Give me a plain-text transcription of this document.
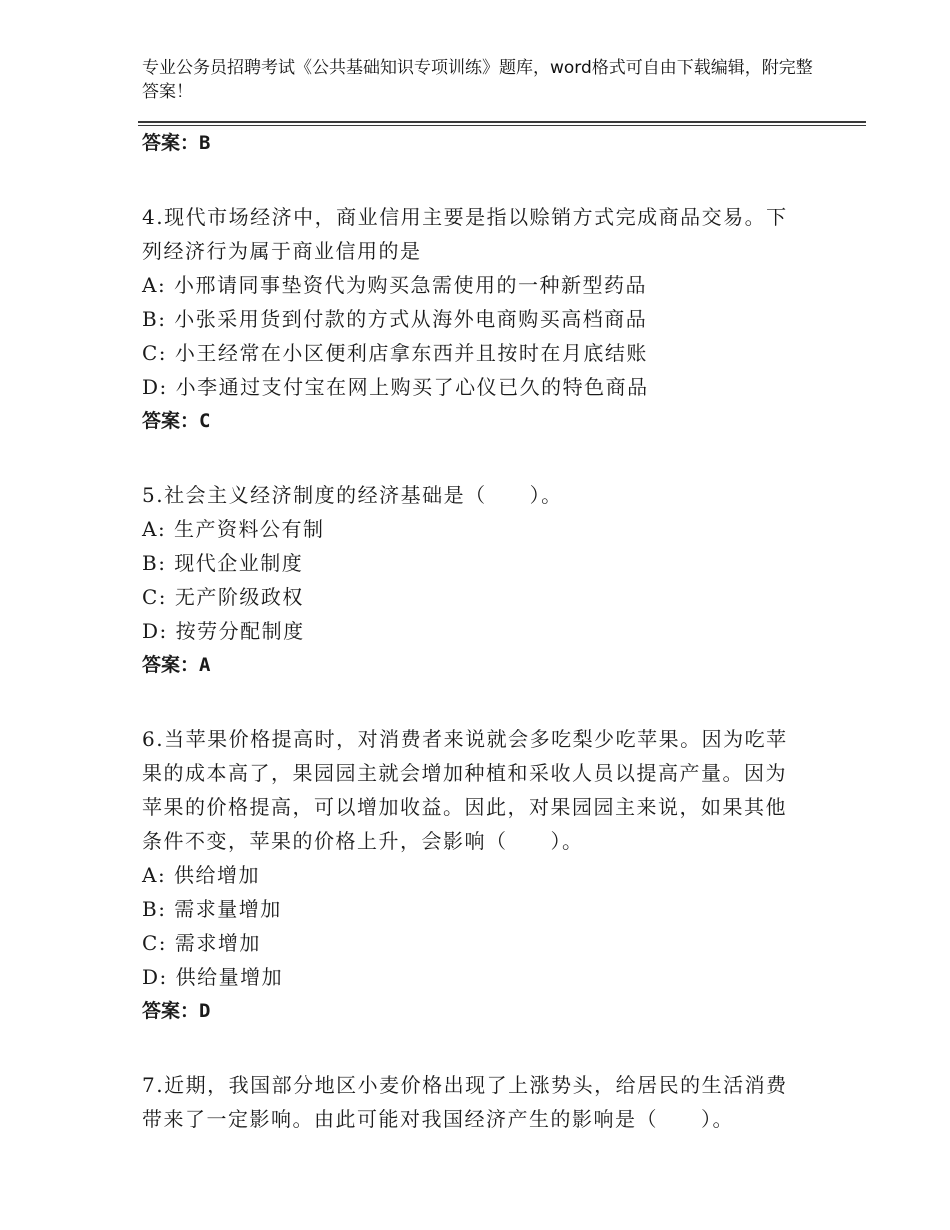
专业公务员招聘考试《公共基础知识专项训练》题库，word格式可自由下载编辑，附完整答案！
答案：B
4.现代市场经济中，商业信用主要是指以赊销方式完成商品交易。下列经济行为属于商业信用的是
A: 小邢请同事垫资代为购买急需使用的一种新型药品
B: 小张采用货到付款的方式从海外电商购买高档商品
C: 小王经常在小区便利店拿东西并且按时在月底结账
D: 小李通过支付宝在网上购买了心仪已久的特色商品
答案：C
5.社会主义经济制度的经济基础是（　　）。
A: 生产资料公有制
B: 现代企业制度
C: 无产阶级政权
D: 按劳分配制度
答案：A
6.当苹果价格提高时，对消费者来说就会多吃梨少吃苹果。因为吃苹果的成本高了，果园园主就会增加种植和采收人员以提高产量。因为苹果的价格提高，可以增加收益。因此，对果园园主来说，如果其他条件不变，苹果的价格上升，会影响（　　）。
A: 供给增加
B: 需求量增加
C: 需求增加
D: 供给量增加
答案：D
7.近期，我国部分地区小麦价格出现了上涨势头，给居民的生活消费带来了一定影响。由此可能对我国经济产生的影响是（　　）。
